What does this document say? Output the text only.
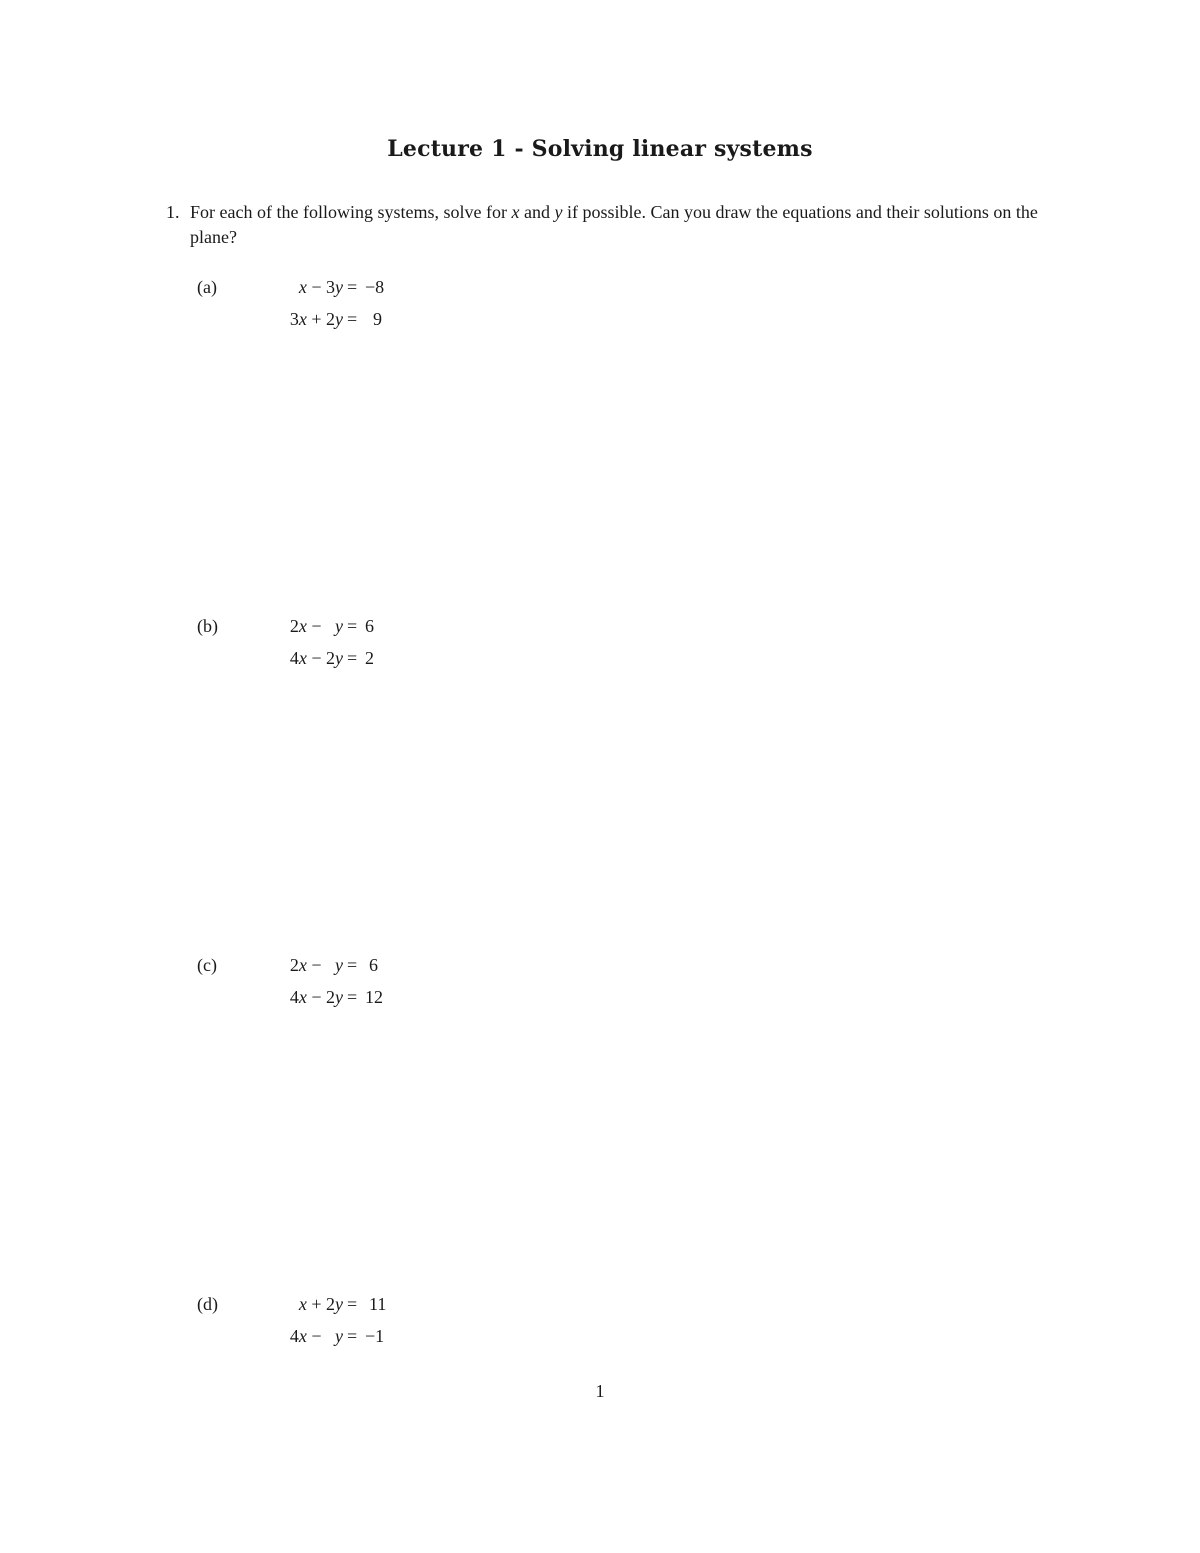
Lecture 1 - Solving linear systems
1. For each of the following systems, solve for x and y if possible. Can you draw the equations and their solutions on the plane?
(a)	x − 3y = −8
3x + 2y = 9
(b)	2x −   y = 6
4x − 2y = 2
(c)	2x −   y = 6
4x − 2y = 12
(d)	x + 2y = 11
4x −   y = −1
1
